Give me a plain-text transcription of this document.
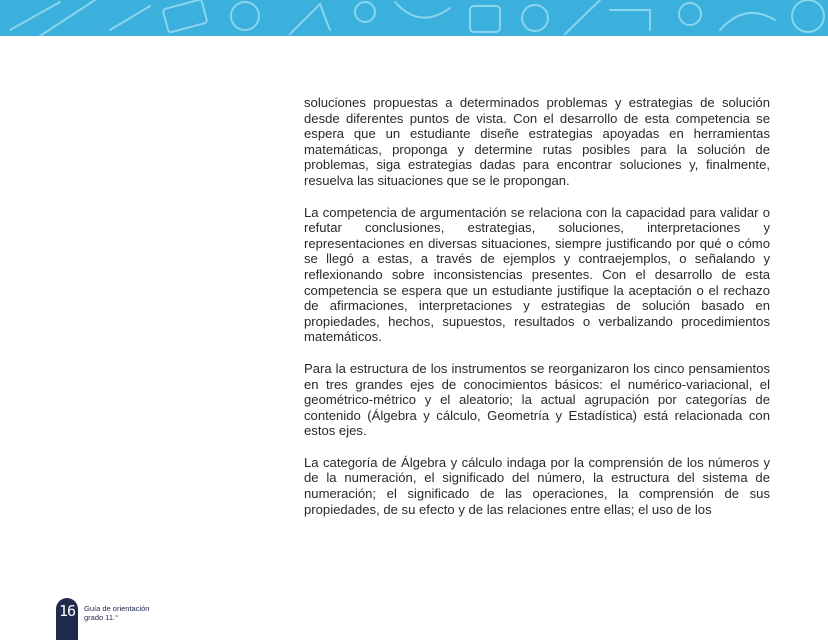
soluciones propuestas a determinados problemas y estrategias de solución desde diferentes puntos de vista. Con el desarrollo de esta competencia se espera que un estudiante diseñe estrategias apoyadas en herramientas matemáticas, proponga y determine rutas posibles para la solución de problemas, siga estrategias dadas para encontrar soluciones y, finalmente, resuelva las situaciones que se le propongan.

La competencia de argumentación se relaciona con la capacidad para validar o refutar conclusiones, estrategias, soluciones, interpretaciones y representaciones en diversas situaciones, siempre justificando por qué o cómo se llegó a estas, a través de ejemplos y contraejemplos, o señalando y reflexionando sobre inconsistencias presentes. Con el desarrollo de esta competencia se espera que un estudiante justifique la aceptación o el rechazo de afirmaciones, interpretaciones y estrategias de solución basado en propiedades, hechos, supuestos, resultados o verbalizando procedimientos matemáticos.

Para la estructura de los instrumentos se reorganizaron los cinco pensamientos en tres grandes ejes de conocimientos básicos: el numérico-variacional, el geométrico-métrico y el aleatorio; la actual agrupación por categorías de contenido (Álgebra y cálculo, Geometría y Estadística) está relacionada con estos ejes.

La categoría de Álgebra y cálculo indaga por la comprensión de los números y de la numeración, el significado del número, la estructura del sistema de numeración; el significado de las operaciones, la comprensión de sus propiedades, de su efecto y de las relaciones entre ellas; el uso de los

16	Guía de orientación
grado 11.°
